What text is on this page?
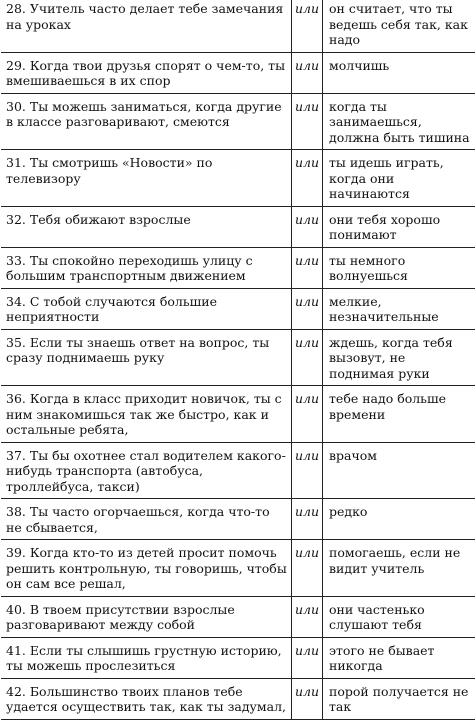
28. Учитель часто делает тебе замечания на уроках	или	он считает, что ты ведешь себя так, как надо
29. Когда твои друзья спорят о чем-то, ты вмешиваешься в их спор	или	молчишь
30. Ты можешь заниматься, когда другие в классе разговаривают, смеются	или	когда ты занимаешься, должна быть тишина
31. Ты смотришь «Новости» по телевизору	или	ты идешь играть, когда они начинаются
32. Тебя обижают взрослые	или	они тебя хорошо понимают
33. Ты спокойно переходишь улицу с большим транспортным движением	или	ты немного волнуешься
34. С тобой случаются большие неприятности	или	мелкие, незначительные
35. Если ты знаешь ответ на вопрос, ты сразу поднимаешь руку	или	ждешь, когда тебя вызовут, не поднимая руки
36. Когда в класс приходит новичок, ты с ним знакомишься так же быстро, как и остальные ребята,	или	тебе надо больше времени
37. Ты бы охотнее стал водителем какого-нибудь транспорта (автобуса, троллейбуса, такси)	или	врачом
38. Ты часто огорчаешься, когда что-то не сбывается,	или	редко
39. Когда кто-то из детей просит помочь решить контрольную, ты говоришь, чтобы он сам все решал,	или	помогаешь, если не видит учитель
40. В твоем присутствии взрослые разговаривают между собой	или	они частенько слушают тебя
41. Если ты слышишь грустную историю, ты можешь прослезиться	или	этого не бывает никогда
42. Большинство твоих планов тебе удается осуществить так, как ты задумал,	или	порой получается не так
